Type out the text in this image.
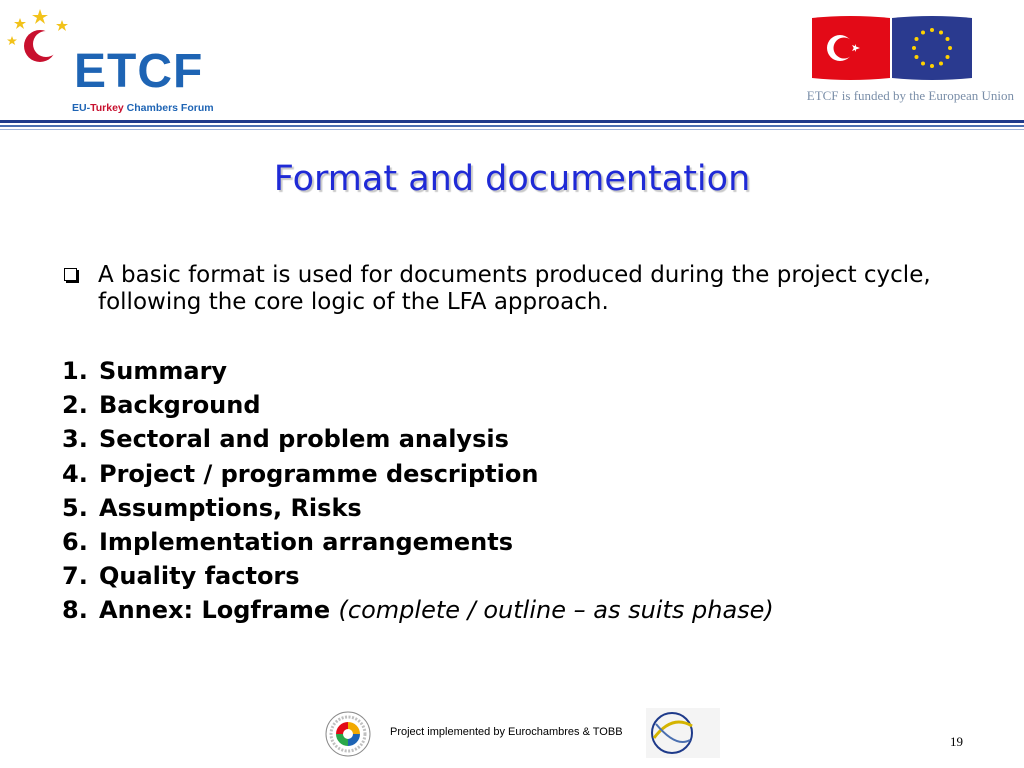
ETCF
EU-Turkey Chambers Forum
ETCF is funded by the European Union
Format and documentation
A basic format is used for documents produced during the project cycle, following the core logic of the LFA approach.
1. Summary
2. Background
3. Sectoral and problem analysis
4. Project / programme description
5. Assumptions, Risks
6. Implementation arrangements
7. Quality factors
8. Annex: Logframe (complete / outline – as suits phase)
Project implemented by Eurochambres & TOBB
19
